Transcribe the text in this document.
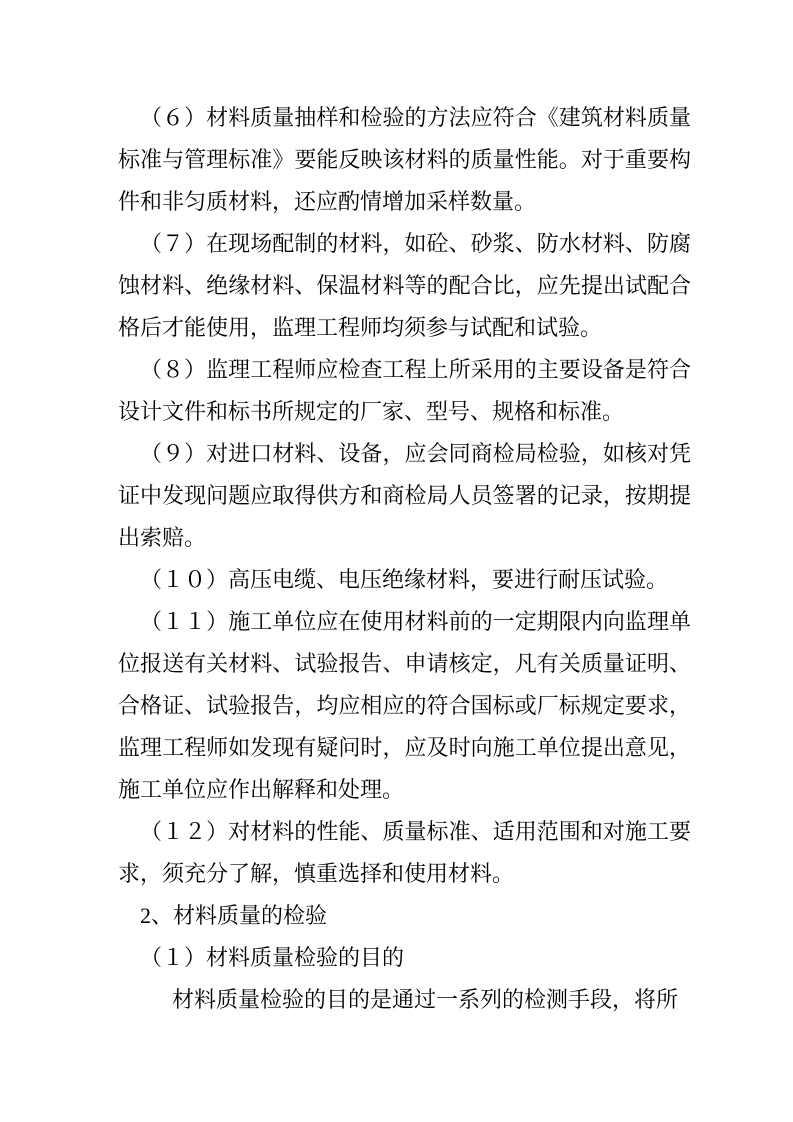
（６）材料质量抽样和检验的方法应符合《建筑材料质量标准与管理标准》要能反映该材料的质量性能。对于重要构件和非匀质材料，还应酌情增加采样数量。

（７）在现场配制的材料，如砼、砂浆、防水材料、防腐蚀材料、绝缘材料、保温材料等的配合比，应先提出试配合格后才能使用，监理工程师均须参与试配和试验。

（８）监理工程师应检查工程上所采用的主要设备是符合设计文件和标书所规定的厂家、型号、规格和标准。

（９）对进口材料、设备，应会同商检局检验，如核对凭证中发现问题应取得供方和商检局人员签署的记录，按期提出索赔。

（１０）高压电缆、电压绝缘材料，要进行耐压试验。

（１１）施工单位应在使用材料前的一定期限内向监理单位报送有关材料、试验报告、申请核定，凡有关质量证明、合格证、试验报告，均应相应的符合国标或厂标规定要求，监理工程师如发现有疑问时，应及时向施工单位提出意见，施工单位应作出解释和处理。

（１２）对材料的性能、质量标准、适用范围和对施工要求，须充分了解，慎重选择和使用材料。

2、材料质量的检验

（１）材料质量检验的目的

材料质量检验的目的是通过一系列的检测手段，将所
